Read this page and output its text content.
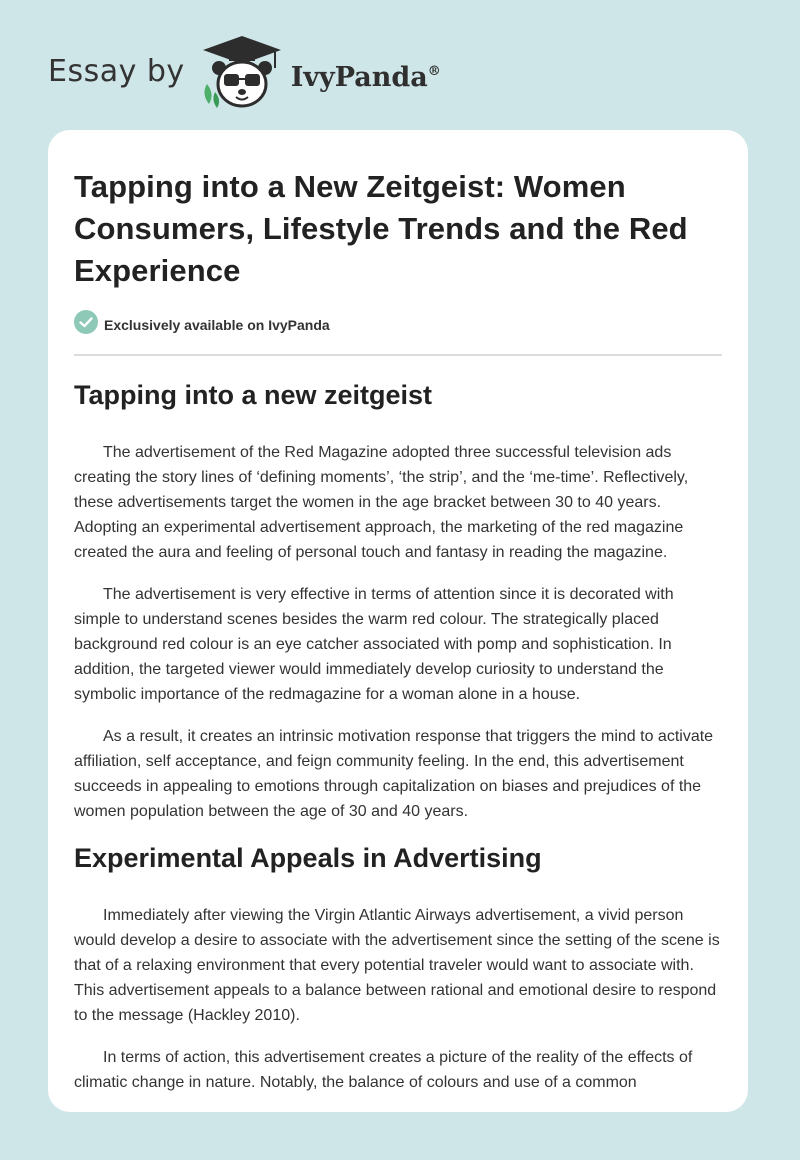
Essay by	IvyPanda®
Tapping into a New Zeitgeist: Women Consumers, Lifestyle Trends and the Red Experience
Exclusively available on IvyPanda
Tapping into a new zeitgeist

The advertisement of the Red Magazine adopted three successful television ads creating the story lines of ‘defining moments’, ‘the strip’, and the ‘me-time’. Reflectively, these advertisements target the women in the age bracket between 30 to 40 years. Adopting an experimental advertisement approach, the marketing of the red magazine created the aura and feeling of personal touch and fantasy in reading the magazine.

The advertisement is very effective in terms of attention since it is decorated with simple to understand scenes besides the warm red colour. The strategically placed background red colour is an eye catcher associated with pomp and sophistication. In addition, the targeted viewer would immediately develop curiosity to understand the symbolic importance of the redmagazine for a woman alone in a house.

As a result, it creates an intrinsic motivation response that triggers the mind to activate affiliation, self acceptance, and feign community feeling. In the end, this advertisement succeeds in appealing to emotions through capitalization on biases and prejudices of the women population between the age of 30 and 40 years.

Experimental Appeals in Advertising

Immediately after viewing the Virgin Atlantic Airways advertisement, a vivid person would develop a desire to associate with the advertisement since the setting of the scene is that of a relaxing environment that every potential traveler would want to associate with. This advertisement appeals to a balance between rational and emotional desire to respond to the message (Hackley 2010).

In terms of action, this advertisement creates a picture of the reality of the effects of climatic change in nature. Notably, the balance of colours and use of a common
